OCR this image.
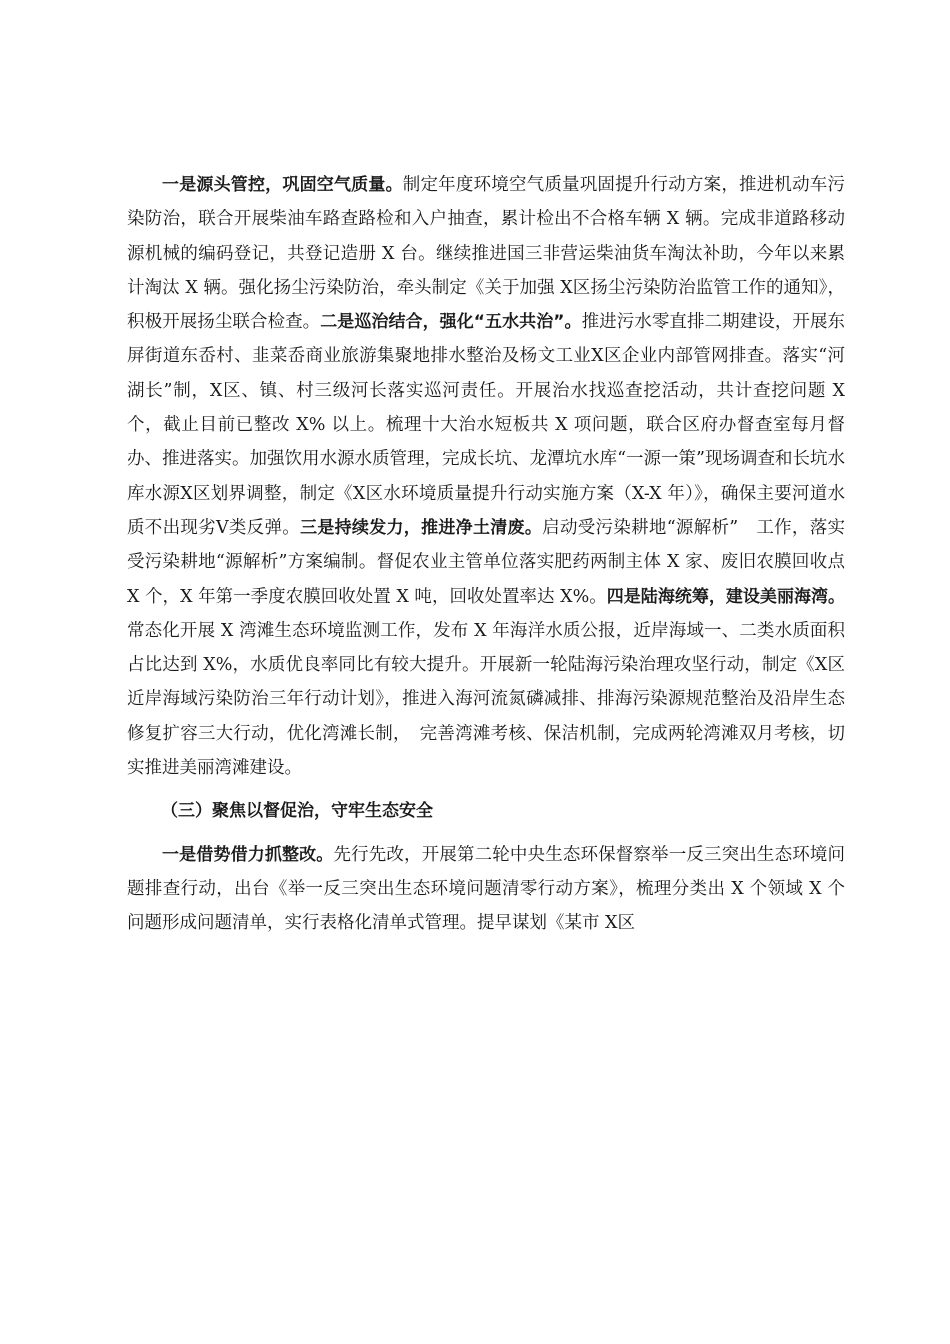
一是源头管控，巩固空气质量。制定年度环境空气质量巩固提升行动方案，推进机动车污染防治，联合开展柴油车路查路检和入户抽查，累计检出不合格车辆 X 辆。完成非道路移动源机械的编码登记，共登记造册 X 台。继续推进国三非营运柴油货车淘汰补助，今年以来累计淘汰 X 辆。强化扬尘污染防治，牵头制定《关于加强 X区扬尘污染防治监管工作的通知》，积极开展扬尘联合检查。二是巡治结合，强化“五水共治”。推进污水零直排二期建设，开展东屏街道东岙村、韭菜岙商业旅游集聚地排水整治及杨文工业X区企业内部管网排查。落实“河湖长”制，X区、镇、村三级河长落实巡河责任。开展治水找巡查挖活动，共计查挖问题 X 个，截止目前已整改 X% 以上。梳理十大治水短板共 X 项问题，联合区府办督查室每月督办、推进落实。加强饮用水源水质管理，完成长坑、龙潭坑水库“一源一策”现场调查和长坑水库水源X区划界调整，制定《X区水环境质量提升行动实施方案（X-X 年）》，确保主要河道水质不出现劣Ⅴ类反弹。三是持续发力，推进净土清废。启动受污染耕地“源解析”　工作，落实受污染耕地“源解析”方案编制。督促农业主管单位落实肥药两制主体 X 家、废旧农膜回收点 X 个，X 年第一季度农膜回收处置 X 吨，回收处置率达 X%。四是陆海统筹，建设美丽海湾。常态化开展 X 湾滩生态环境监测工作，发布 X 年海洋水质公报，近岸海域一、二类水质面积占比达到 X%，水质优良率同比有较大提升。开展新一轮陆海污染治理攻坚行动，制定《X区近岸海域污染防治三年行动计划》，推进入海河流氮磷减排、排海污染源规范整治及沿岸生态修复扩容三大行动，优化湾滩长制，　完善湾滩考核、保洁机制，完成两轮湾滩双月考核，切实推进美丽湾滩建设。

（三）聚焦以督促治，守牢生态安全

一是借势借力抓整改。先行先改，开展第二轮中央生态环保督察举一反三突出生态环境问题排查行动，出台《举一反三突出生态环境问题清零行动方案》，梳理分类出 X 个领域 X 个问题形成问题清单，实行表格化清单式管理。提早谋划《某市 X区
